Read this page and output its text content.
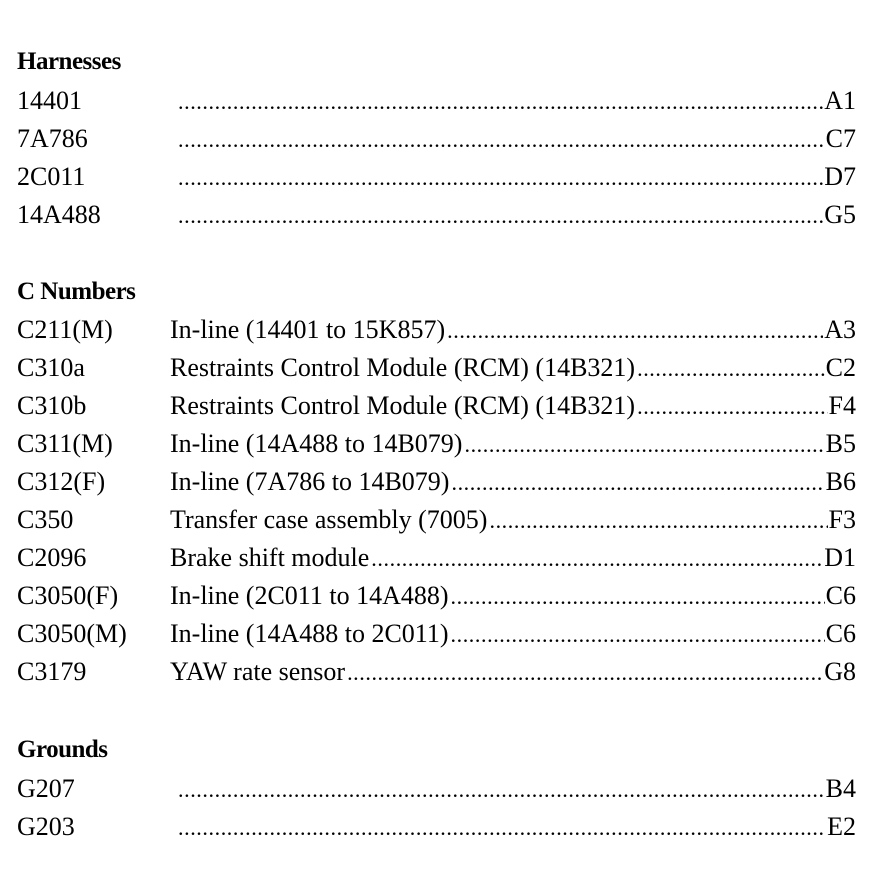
Harnesses
14401 .....	A1
7A786 .....	C7
2C011 .....	D7
14A488 .....	G5
C Numbers
C211(M) In-line (14401 to 15K857) .....	A3
C310a	Restraints Control Module (RCM) (14B321) .....	C2
C310b	Restraints Control Module (RCM) (14B321) .....	F4
C311(M) In-line (14A488 to 14B079) .....	B5
C312(F) In-line (7A786 to 14B079) .....	B6
C350	Transfer case assembly (7005) .....	F3
C2096	Brake shift module .....	D1
C3050(F) In-line (2C011 to 14A488) .....	C6
C3050(M) In-line (14A488 to 2C011) .....	C6
C3179	YAW rate sensor .....	G8
Grounds
G207 .....	B4
G203 .....	E2
